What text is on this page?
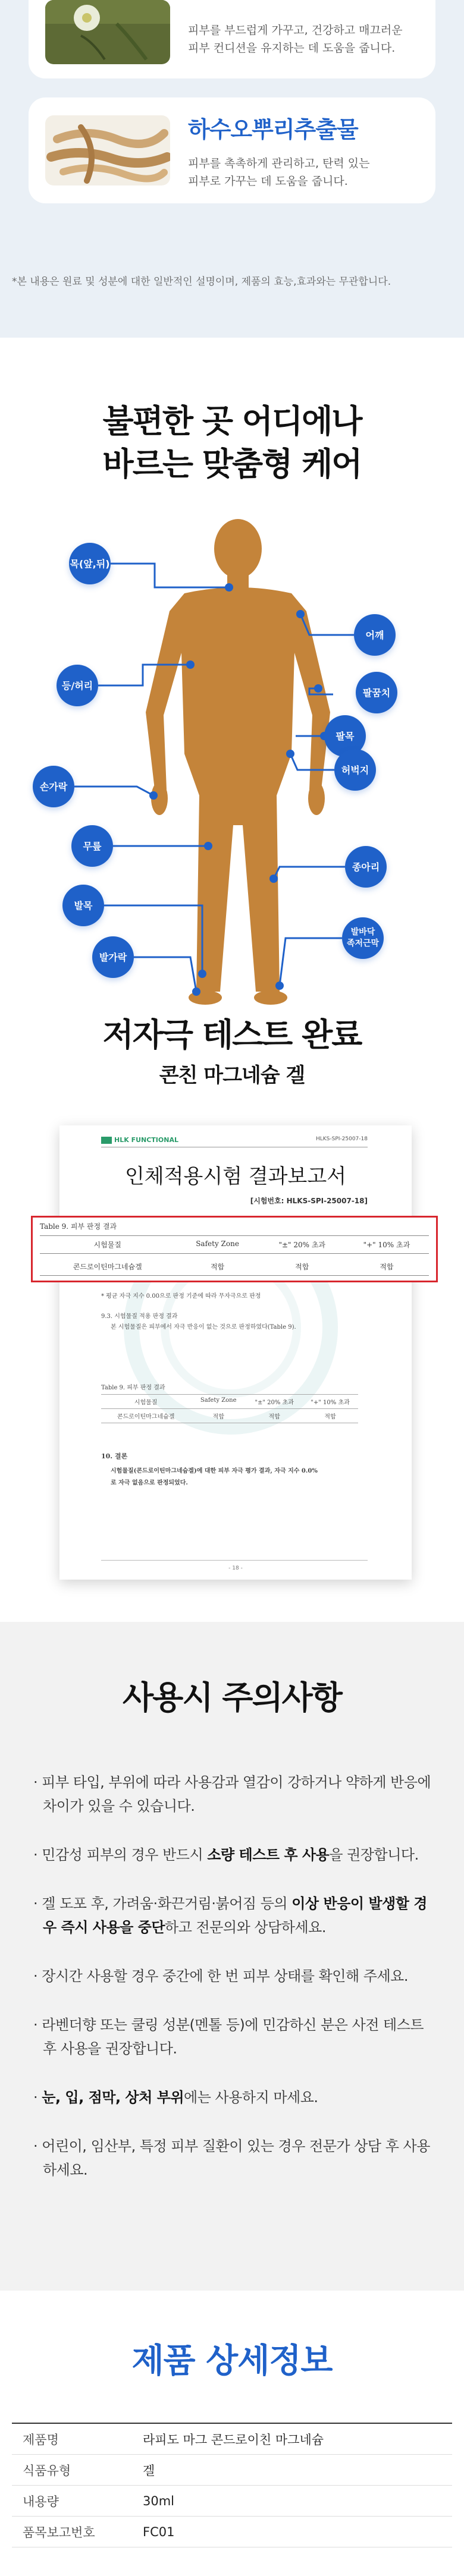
피부를 부드럽게 가꾸고, 건강하고 매끄러운
피부 컨디션을 유지하는 데 도움을 줍니다.
하수오뿌리추출물
피부를 촉촉하게 관리하고, 탄력 있는
피부로 가꾸는 데 도움을 줍니다.
*본 내용은 원료 및 성분에 대한 일반적인 설명이며, 제품의 효능,효과와는 무관합니다.
불편한 곳 어디에나
바르는 맞춤형 케어
목(앞,뒤)
어깨
등/허리
팔꿈치
팔목
손가락
허벅지
무릎
종아리
발목
발바닥
족저근막
발가락
저자극 테스트 완료
콘친 마그네슘 겔
HLK FUNCTIONAL	HLKS-SPI-25007-18
인체적용시험 결과보고서
[시험번호: HLKS-SPI-25007-18]
Table 9. 피부 판정 결과
시험물질	Safety Zone	"±" 20% 초과	"+" 10% 초과
콘드로이틴마그네슘겔	적합	적합	적합
* 평균 자극 지수 0.00으로 판정 기준에 따라 무자극으로 판정
9.3. 시험물질 적용 판정 결과
본 시험물질은 피부에서 자극 반응이 없는 것으로 판정하였다(Table 9).
Table 9. 피부 판정 결과
시험물질	Safety Zone	"±" 20% 초과	"+" 10% 초과
콘드로이틴마그네슘겔	적합	적합	적합
10. 결론
시험물질(콘드로이틴마그네슘겔)에 대한 피부 자극 평가 결과, 자극 지수 0.0%
로 자극 없음으로 판정되었다.
- 18 -
사용시 주의사항

· 피부 타입, 부위에 따라 사용감과 열감이 강하거나 약하게 반응에 차이가 있을 수 있습니다.

· 민감성 피부의 경우 반드시 소량 테스트 후 사용을 권장합니다.

· 겔 도포 후, 가려움·화끈거림·붉어짐 등의 이상 반응이 발생할 경우 즉시 사용을 중단하고 전문의와 상담하세요.

· 장시간 사용할 경우 중간에 한 번 피부 상태를 확인해 주세요.

· 라벤더향 또는 쿨링 성분(멘톨 등)에 민감하신 분은 사전 테스트 후 사용을 권장합니다.

· 눈, 입, 점막, 상처 부위에는 사용하지 마세요.

· 어린이, 임산부, 특정 피부 질환이 있는 경우 전문가 상담 후 사용하세요.

제품 상세정보
제품명	라피도 마그 콘드로이친 마그네슘
식품유형	겔
내용량	30ml
품목보고번호	FC01
